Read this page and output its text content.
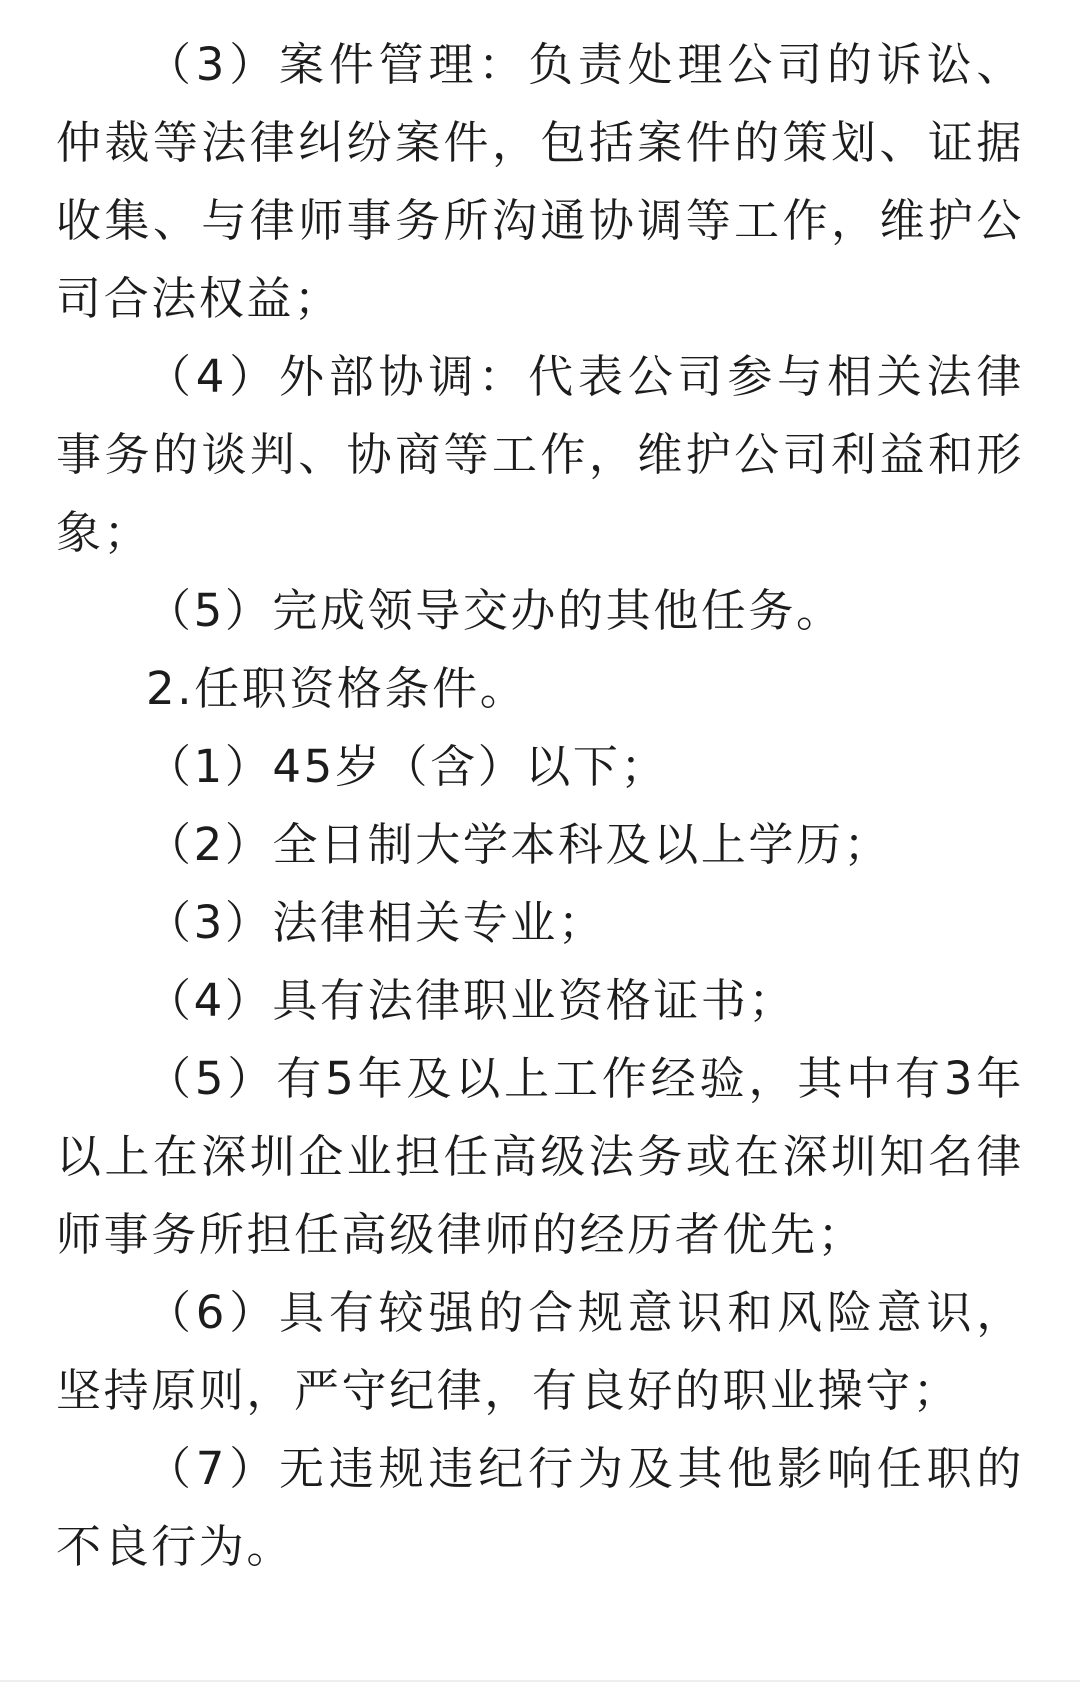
（3）案件管理：负责处理公司的诉讼、仲裁等法律纠纷案件，包括案件的策划、证据收集、与律师事务所沟通协调等工作，维护公司合法权益；

（4）外部协调：代表公司参与相关法律事务的谈判、协商等工作，维护公司利益和形象；

（5）完成领导交办的其他任务。

2.任职资格条件。

（1）45岁（含）以下；

（2）全日制大学本科及以上学历；

（3）法律相关专业；

（4）具有法律职业资格证书；

（5）有5年及以上工作经验，其中有3年以上在深圳企业担任高级法务或在深圳知名律师事务所担任高级律师的经历者优先；

（6）具有较强的合规意识和风险意识，坚持原则，严守纪律，有良好的职业操守；

（7）无违规违纪行为及其他影响任职的不良行为。
